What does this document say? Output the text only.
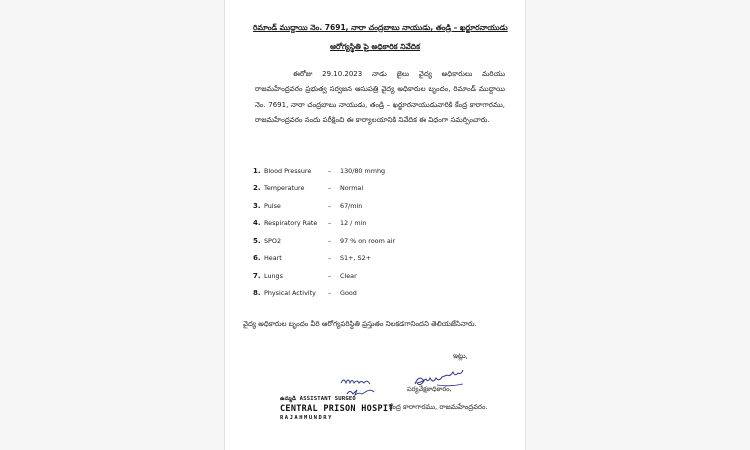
రిమాండ్ ముద్దాయి నెం. 7691, నారా చంద్రబాబు నాయుడు, తండ్రి – ఖర్జూరనాయుడు
ఆరోగ్యస్థితి పై అధికారిక నివేదిక
ఈరోజు 29.10.2023 నాడు జైలు వైద్య అధికారులు మరియు రాజమహేంద్రవరం ప్రభుత్వ సర్వజన ఆసుపత్రి వైద్య అధికారుల బృందం, రిమాండ్ ముద్దాయి నెం. 7691, నారా చంద్రబాబు నాయుడు, తండ్రి – ఖర్జూరనాయుడువారికి కేంద్ర కారాగారము, రాజమహేంద్రవరం నందు పరీక్షించి ఈ కార్యాలయానికి నివేదిక ఈ విధంగా సమర్పించారు.
1. Blood Pressure	–	130/80 mmhg
2. Temperature	–	Normal
3. Pulse	–	67/min
4. Respiratory Rate	–	12 / min
5. SPO2	–	97 % on room air
6. Heart	–	S1+, S2+
7. Lungs	–	Clear
8. Physical Activity	–	Good
వైద్య అధికారుల బృందం వీరి ఆరోగ్యపరిస్థితి ప్రస్తుతం నిలకడగానిందని తెలియజేసినారు.
ఇట్లు,
పర్యవేక్షకాధికారం,
ఉమ్మడి ASSISTANT SURGEO
CENTRAL PRISON HOSPIT
RAJAHMUNDRY
కేంద్ర కారాగారము, రాజమహేంద్రవరం.
